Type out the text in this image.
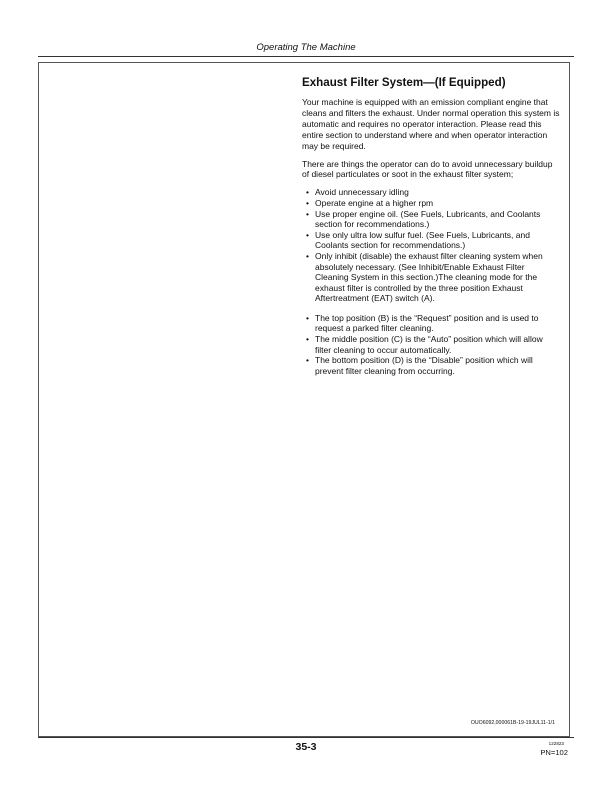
Operating The Machine
Exhaust Filter System—(If Equipped)

Your machine is equipped with an emission compliant engine that cleans and filters the exhaust. Under normal operation this system is automatic and requires no operator interaction. Please read this entire section to understand where and when operator interaction may be required.

There are things the operator can do to avoid unnecessary buildup of diesel particulates or soot in the exhaust filter system;

• Avoid unnecessary idling
• Operate engine at a higher rpm
• Use proper engine oil. (See Fuels, Lubricants, and Coolants section for recommendations.)
• Use only ultra low sulfur fuel. (See Fuels, Lubricants, and Coolants section for recommendations.)
• Only inhibit (disable) the exhaust filter cleaning system when absolutely necessary. (See Inhibit/Enable Exhaust Filter Cleaning System in this section.)The cleaning mode for the exhaust filter is controlled by the three position Exhaust Aftertreatment (EAT) switch (A).
• The top position (B) is the “Request” position and is used to request a parked filter cleaning.
• The middle position (C) is the “Auto” position which will allow filter cleaning to occur automatically.
• The bottom position (D) is the “Disable” position which will prevent filter cleaning from occurring.
OUO6092,000061B-19-19JUL11-1/1
35-3	122823
PN=102
